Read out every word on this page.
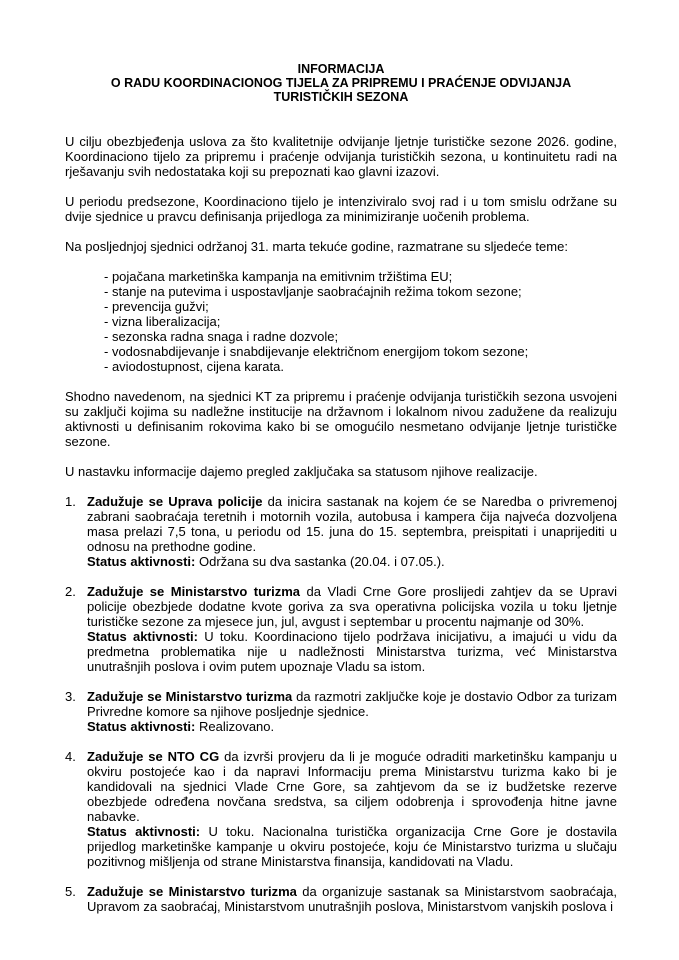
INFORMACIJA
O RADU KOORDINACIONOG TIJELA ZA PRIPREMU I PRAĆENJE ODVIJANJA
TURISTIČKIH SEZONA

U cilju obezbjeđenja uslova za što kvalitetnije odvijanje ljetnje turističke sezone 2026. godine, Koordinaciono tijelo za pripremu i praćenje odvijanja turističkih sezona, u kontinuitetu radi na rješavanju svih nedostataka koji su prepoznati kao glavni izazovi.

U periodu predsezone, Koordinaciono tijelo je intenziviralo svoj rad i u tom smislu održane su dvije sjednice u pravcu definisanja prijedloga za minimiziranje uočenih problema.

Na posljednjoj sjednici održanoj 31. marta tekuće godine, razmatrane su sljedeće teme:

- pojačana marketinška kampanja na emitivnim tržištima EU;
- stanje na putevima i uspostavljanje saobraćajnih režima tokom sezone;
- prevencija gužvi;
- vizna liberalizacija;
- sezonska radna snaga i radne dozvole;
- vodosnabdijevanje i snabdijevanje električnom energijom tokom sezone;
- aviodostupnost, cijena karata.

Shodno navedenom, na sjednici KT za pripremu i praćenje odvijanja turističkih sezona usvojeni su zaključi kojima su nadležne institucije na državnom i lokalnom nivou zadužene da realizuju aktivnosti u definisanim rokovima kako bi se omogućilo nesmetano odvijanje ljetnje turističke sezone.

U nastavku informacije dajemo pregled zaključaka sa statusom njihove realizacije.

1. Zadužuje se Uprava policije da inicira sastanak na kojem će se Naredba o privremenoj zabrani saobraćaja teretnih i motornih vozila, autobusa i kampera čija najveća dozvoljena masa prelazi 7,5 tona, u periodu od 15. juna do 15. septembra, preispitati i unaprijediti u odnosu na prethodne godine.
Status aktivnosti: Održana su dva sastanka (20.04. i 07.05.).
2. Zadužuje se Ministarstvo turizma da Vladi Crne Gore proslijedi zahtjev da se Upravi policije obezbjede dodatne kvote goriva za sva operativna policijska vozila u toku ljetnje turističke sezone za mjesece jun, jul, avgust i septembar u procentu najmanje od 30%.
Status aktivnosti: U toku. Koordinaciono tijelo podržava inicijativu, a imajući u vidu da predmetna problematika nije u nadležnosti Ministarstva turizma, već Ministarstva unutrašnjih poslova i ovim putem upoznaje Vladu sa istom.
3. Zadužuje se Ministarstvo turizma da razmotri zaključke koje je dostavio Odbor za turizam Privredne komore sa njihove posljednje sjednice.
Status aktivnosti: Realizovano.
4. Zadužuje se NTO CG da izvrši provjeru da li je moguće odraditi marketinšku kampanju u okviru postojeće kao i da napravi Informaciju prema Ministarstvu turizma kako bi je kandidovali na sjednici Vlade Crne Gore, sa zahtjevom da se iz budžetske rezerve obezbjede određena novčana sredstva, sa ciljem odobrenja i sprovođenja hitne javne nabavke.
Status aktivnosti: U toku. Nacionalna turistička organizacija Crne Gore je dostavila prijedlog marketinške kampanje u okviru postojeće, koju će Ministarstvo turizma u slučaju pozitivnog mišljenja od strane Ministarstva finansija, kandidovati na Vladu.
5. Zadužuje se Ministarstvo turizma da organizuje sastanak sa Ministarstvom saobraćaja, Upravom za saobraćaj, Ministarstvom unutrašnjih poslova, Ministarstvom vanjskih poslova i
